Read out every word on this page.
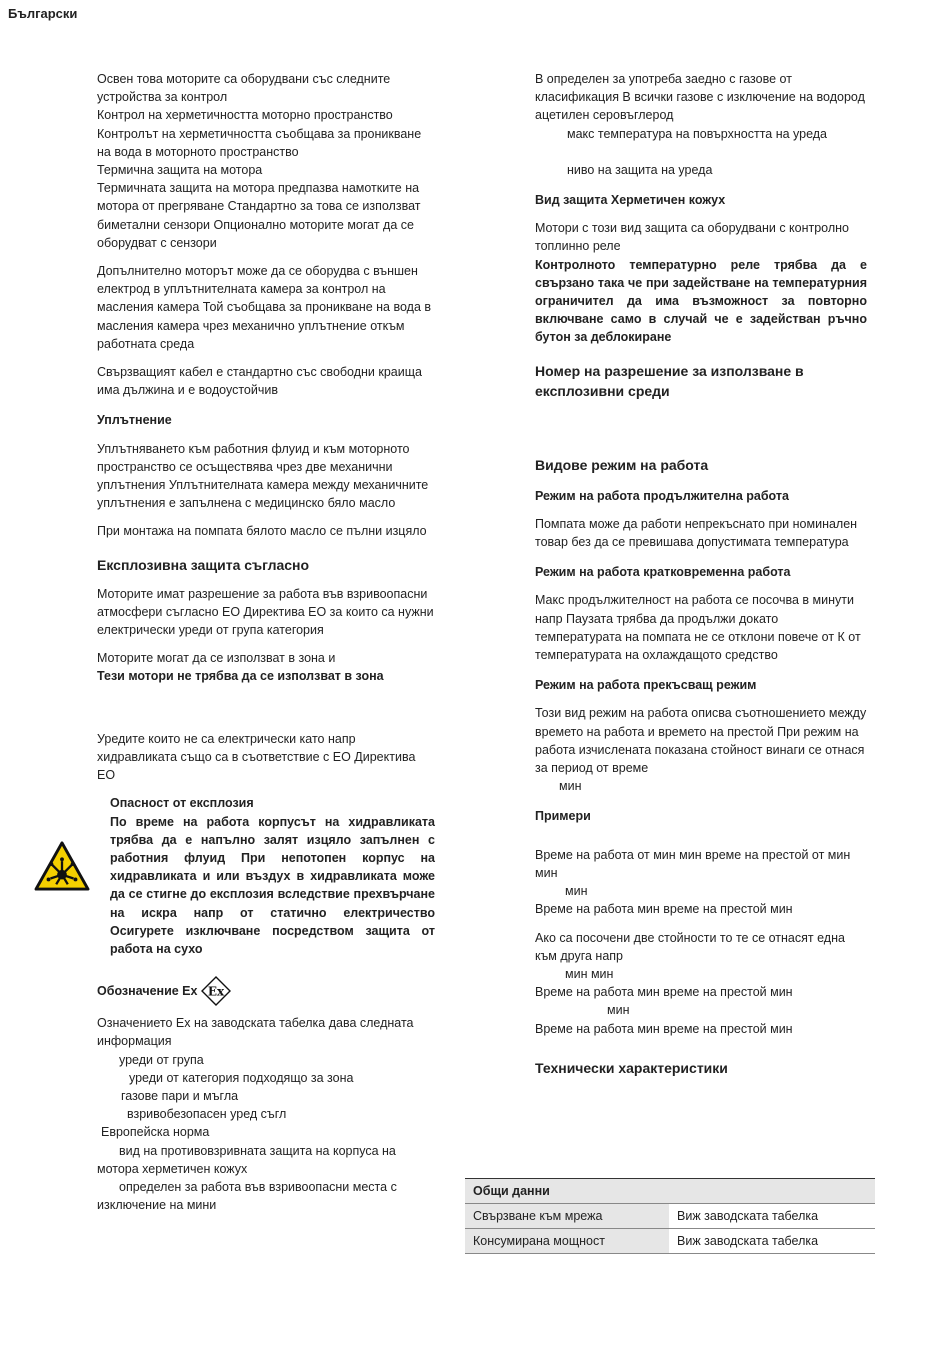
Български

Освен това моторите са оборудвани със следните устройства за контрол
Контрол на херметичността моторно пространство
Контролът на херметичността съобщава за проникване на вода в моторното пространство
Термична защита на мотора
Термичната защита на мотора предпазва намотките на мотора от прегряване Стандартно за това се използват биметални сензори Опционално моторите могат да се оборудват с сензори

Допълнително моторът може да се оборудва с външен електрод в уплътнителната камера за контрол на масления камера Той съобщава за проникване на вода в масления камера чрез механично уплътнение откъм работната среда

Свързващият кабел е стандартно със свободни краища има дължина и е водоустойчив

Уплътнение

Уплътняването към работния флуид и към моторното пространство се осъществява чрез две механични уплътнения Уплътнителната камера между механичните уплътнения е запълнена с медицинско бяло масло

При монтажа на помпата бялото масло се пълни изцяло

Експлозивна защита съгласно

Моторите имат разрешение за работа във взривоопасни атмосфери съгласно ЕО Директива ЕО за които са нужни електрически уреди от група категория

Моторите могат да се използват в зона и
Тези мотори не трябва да се използват в зона

Уредите които не са електрически като напр хидравликата също са в съответствие с ЕО Директива ЕО

Опасност от експлозия
По време на работа корпусът на хидравликата трябва да е напълно залят изцяло запълнен с работния флуид При непотопен корпус на хидравликата и или въздух в хидравликата може да се стигне до експлозия вследствие прехвърчане на искра напр от статично електричество Осигурете изключване посредством защита от работа на сухо
Обозначение Ex Ex

Означението Ex на заводската табелка дава следната информация

уреди от група
уреди от категория подходящо за зона
газове пари и мъгла
взривобезопасен уред съгл
Европейска норма
вид на противовзривната защита на корпуса на мотора херметичен кожух
определен за работа във взривоопасни места с изключение на мини

В определен за употреба заедно с газове от класификация В всички газове с изключение на водород ацетилен серовъглерод

макс температура на повърхността на уреда
ниво на защита на уреда
Вид защита Херметичен кожух

Мотори с този вид защита са оборудвани с контролно топлинно реле

Контролното температурно реле трябва да е свързано така че при задействане на температурния ограничител да има възможност за повторно включване само в случай че е задействан ръчно бутон за деблокиране

Номер на разрешение за използване в експлозивни среди
Видове режим на работа
Режим на работа продължителна работа

Помпата може да работи непрекъснато при номинален товар без да се превишава допустимата температура

Режим на работа кратковременна работа

Макс продължителност на работа се посочва в минути напр Паузата трябва да продължи докато температурата на помпата не се отклони повече от К от температурата на охлаждащото средство

Режим на работа прекъсващ режим

Този вид режим на работа описва съотношението между времето на работа и времето на престой При режим на работа изчислената показана стойност винаги се отнася за период от време

мин
Примери
Време на работа от мин мин време на престой от мин мин
мин
Време на работа мин време на престой мин
Ако са посочени две стойности то те се отнасят една към друга напр
мин мин
Време на работа мин време на престой мин
мин
Време на работа мин време на престой мин
Технически характеристики
Общи данни	
Свързване към мрежа	Виж заводската табелка
Консумирана мощност	Виж заводската табелка
